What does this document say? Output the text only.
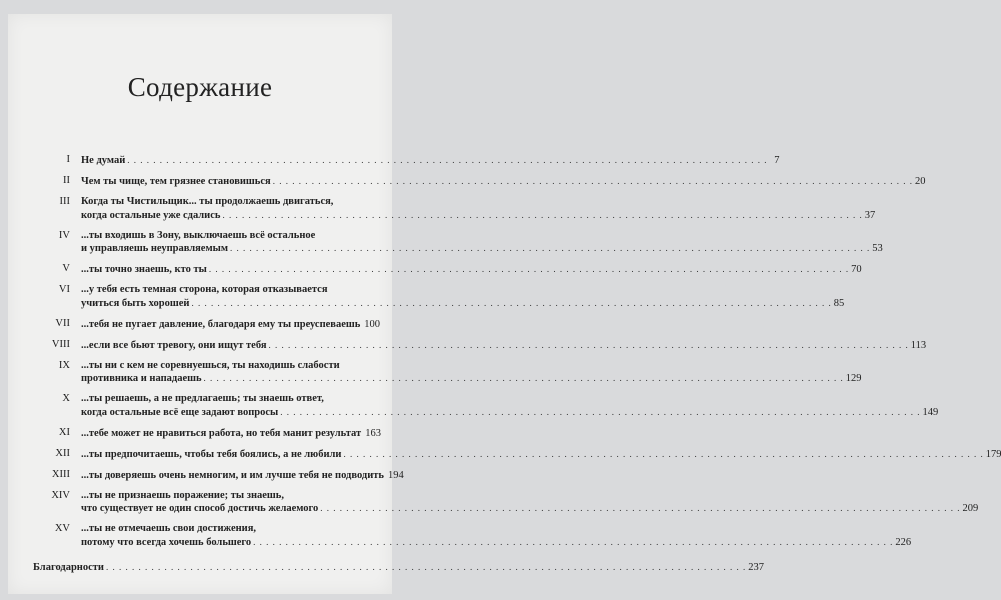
Содержание
I Не думай . . .	7
II Чем ты чище, тем грязнее становишься . . .	20
III Когда ты Чистильщик... ты продолжаешь двигаться,
когда остальные уже сдались . . .	37
IV ...ты входишь в Зону, выключаешь всё остальное
и управляешь неуправляемым . . .	53
V ...ты точно знаешь, кто ты . . .	70
VI ...у тебя есть темная сторона, которая отказывается
учиться быть хорошей . . .	85
VII ...тебя не пугает давление, благодаря ему ты преуспеваешь 100
VIII ...если все бьют тревогу, они ищут тебя . . .	113
IX ...ты ни с кем не соревнуешься, ты находишь слабости
противника и нападаешь . . .	129
X ...ты решаешь, а не предлагаешь; ты знаешь ответ,
когда остальные всё еще задают вопросы . . .	149
XI ...тебе может не нравиться работа, но тебя манит результат 163
XII ...ты предпочитаешь, чтобы тебя боялись, а не любили . . .	179
XIII ...ты доверяешь очень немногим, и им лучше тебя не подводить 194
XIV ...ты не признаешь поражение; ты знаешь,
что существует не один способ достичь желаемого . . .	209
XV ...ты не отмечаешь свои достижения,
потому что всегда хочешь большего . . .	226
Благодарности . . .	237
